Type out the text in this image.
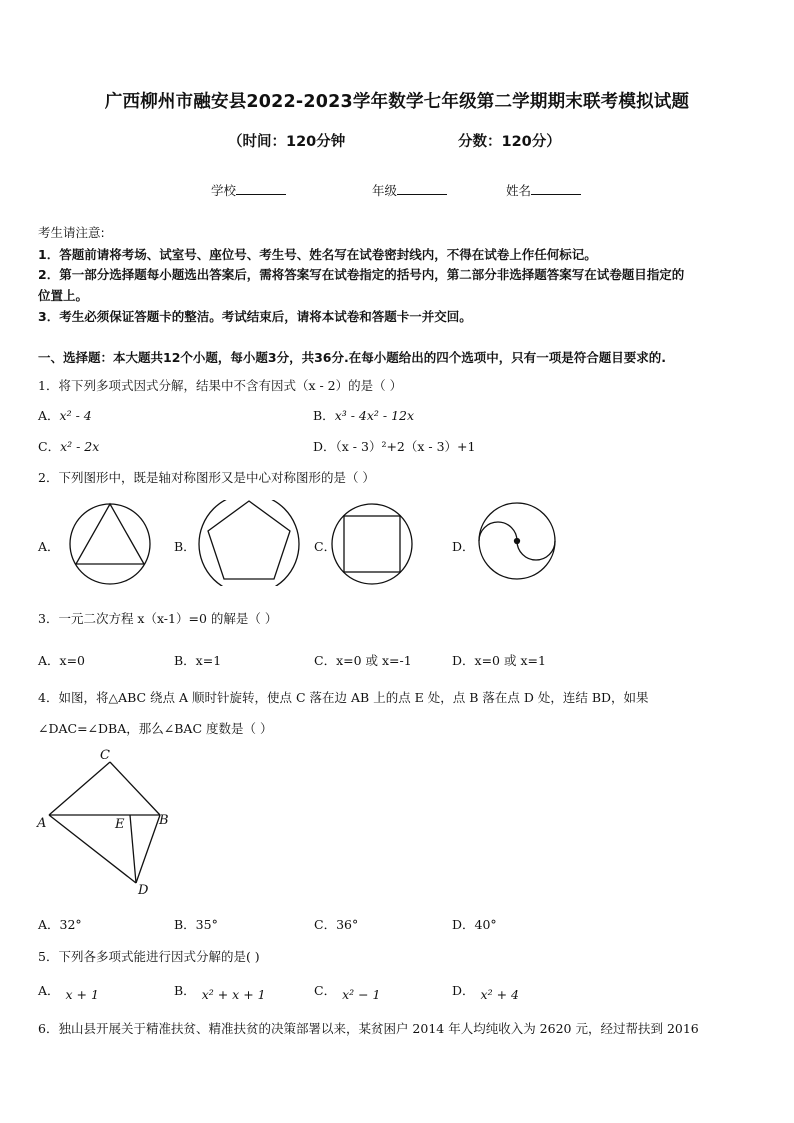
广西柳州市融安县2022-2023学年数学七年级第二学期期末联考模拟试题
（时间：120分钟	分数：120分）
学校	年级	姓名
考生请注意:
1．答题前请将考场、试室号、座位号、考生号、姓名写在试卷密封线内，不得在试卷上作任何标记。
2．第一部分选择题每小题选出答案后，需将答案写在试卷指定的括号内，第二部分非选择题答案写在试卷题目指定的
位置上。
3．考生必须保证答题卡的整洁。考试结束后，请将本试卷和答题卡一并交回。
一、选择题：本大题共12个小题，每小题3分，共36分.在每小题给出的四个选项中，只有一项是符合题目要求的.
1．将下列多项式因式分解，结果中不含有因式（x - 2）的是（ ）
A．x² - 4	B．x³ - 4x² - 12x
C．x² - 2x	D．（x - 3）²+2（x - 3）+1
2．下列图形中，既是轴对称图形又是中心对称图形的是（ ）
A．	B．	C．	D．
3．一元二次方程 x（x-1）=0 的解是（ ）
A．x=0	B．x=1	C．x=0 或 x=-1	D．x=0 或 x=1
4．如图，将△ABC 绕点 A 顺时针旋转，使点 C 落在边 AB 上的点 E 处，点 B 落在点 D 处，连结 BD，如果
∠DAC=∠DBA，那么∠BAC 度数是（ ）
C
A	E	B
D
A．32°	B．35°	C．36°	D．40°
5．下列各多项式能进行因式分解的是( )
A． x + 1	B． x² + x + 1	C． x² − 1	D． x² + 4
6．独山县开展关于精准扶贫、精准扶贫的决策部署以来，某贫困户 2014 年人均纯收入为 2620 元，经过帮扶到 2016
